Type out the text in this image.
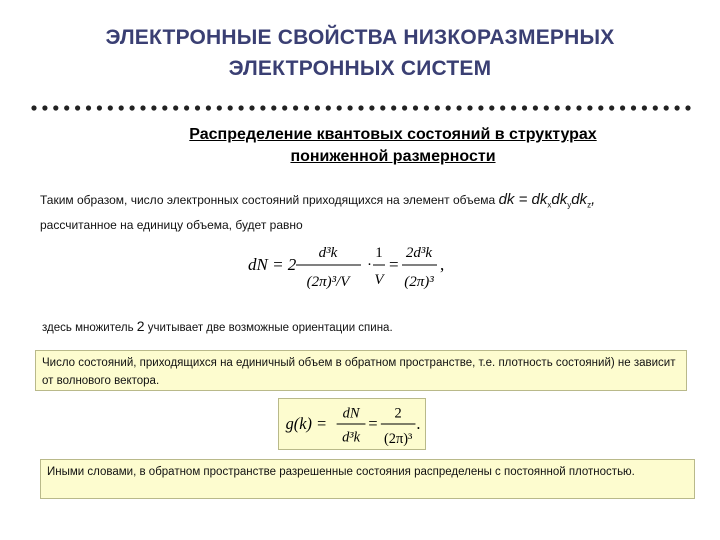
ЭЛЕКТРОННЫЕ СВОЙСТВА НИЗКОРАЗМЕРНЫХ
ЭЛЕКТРОННЫХ СИСТЕМ
Распределение квантовых состояний в структурах
пониженной размерности
Таким образом, число электронных состояний приходящихся на элемент объема dk = $dk_xdk_ydk_z$,
рассчитанное на единицу объема, будет равно
dN = 2
d³k
(2π)³/V
·
1
V
=
2d³k
(2π)³
,
здесь множитель 2 учитывает две возможные ориентации спина.
Число состояний, приходящихся на единичный объем в обратном пространстве, т.е. плотность состояний) не зависит от волнового вектора.
g(k) =
dN
d³k
=
2
(2π)³
.
Иными словами, в обратном пространстве разрешенные состояния распределены с постоянной плотностью.
